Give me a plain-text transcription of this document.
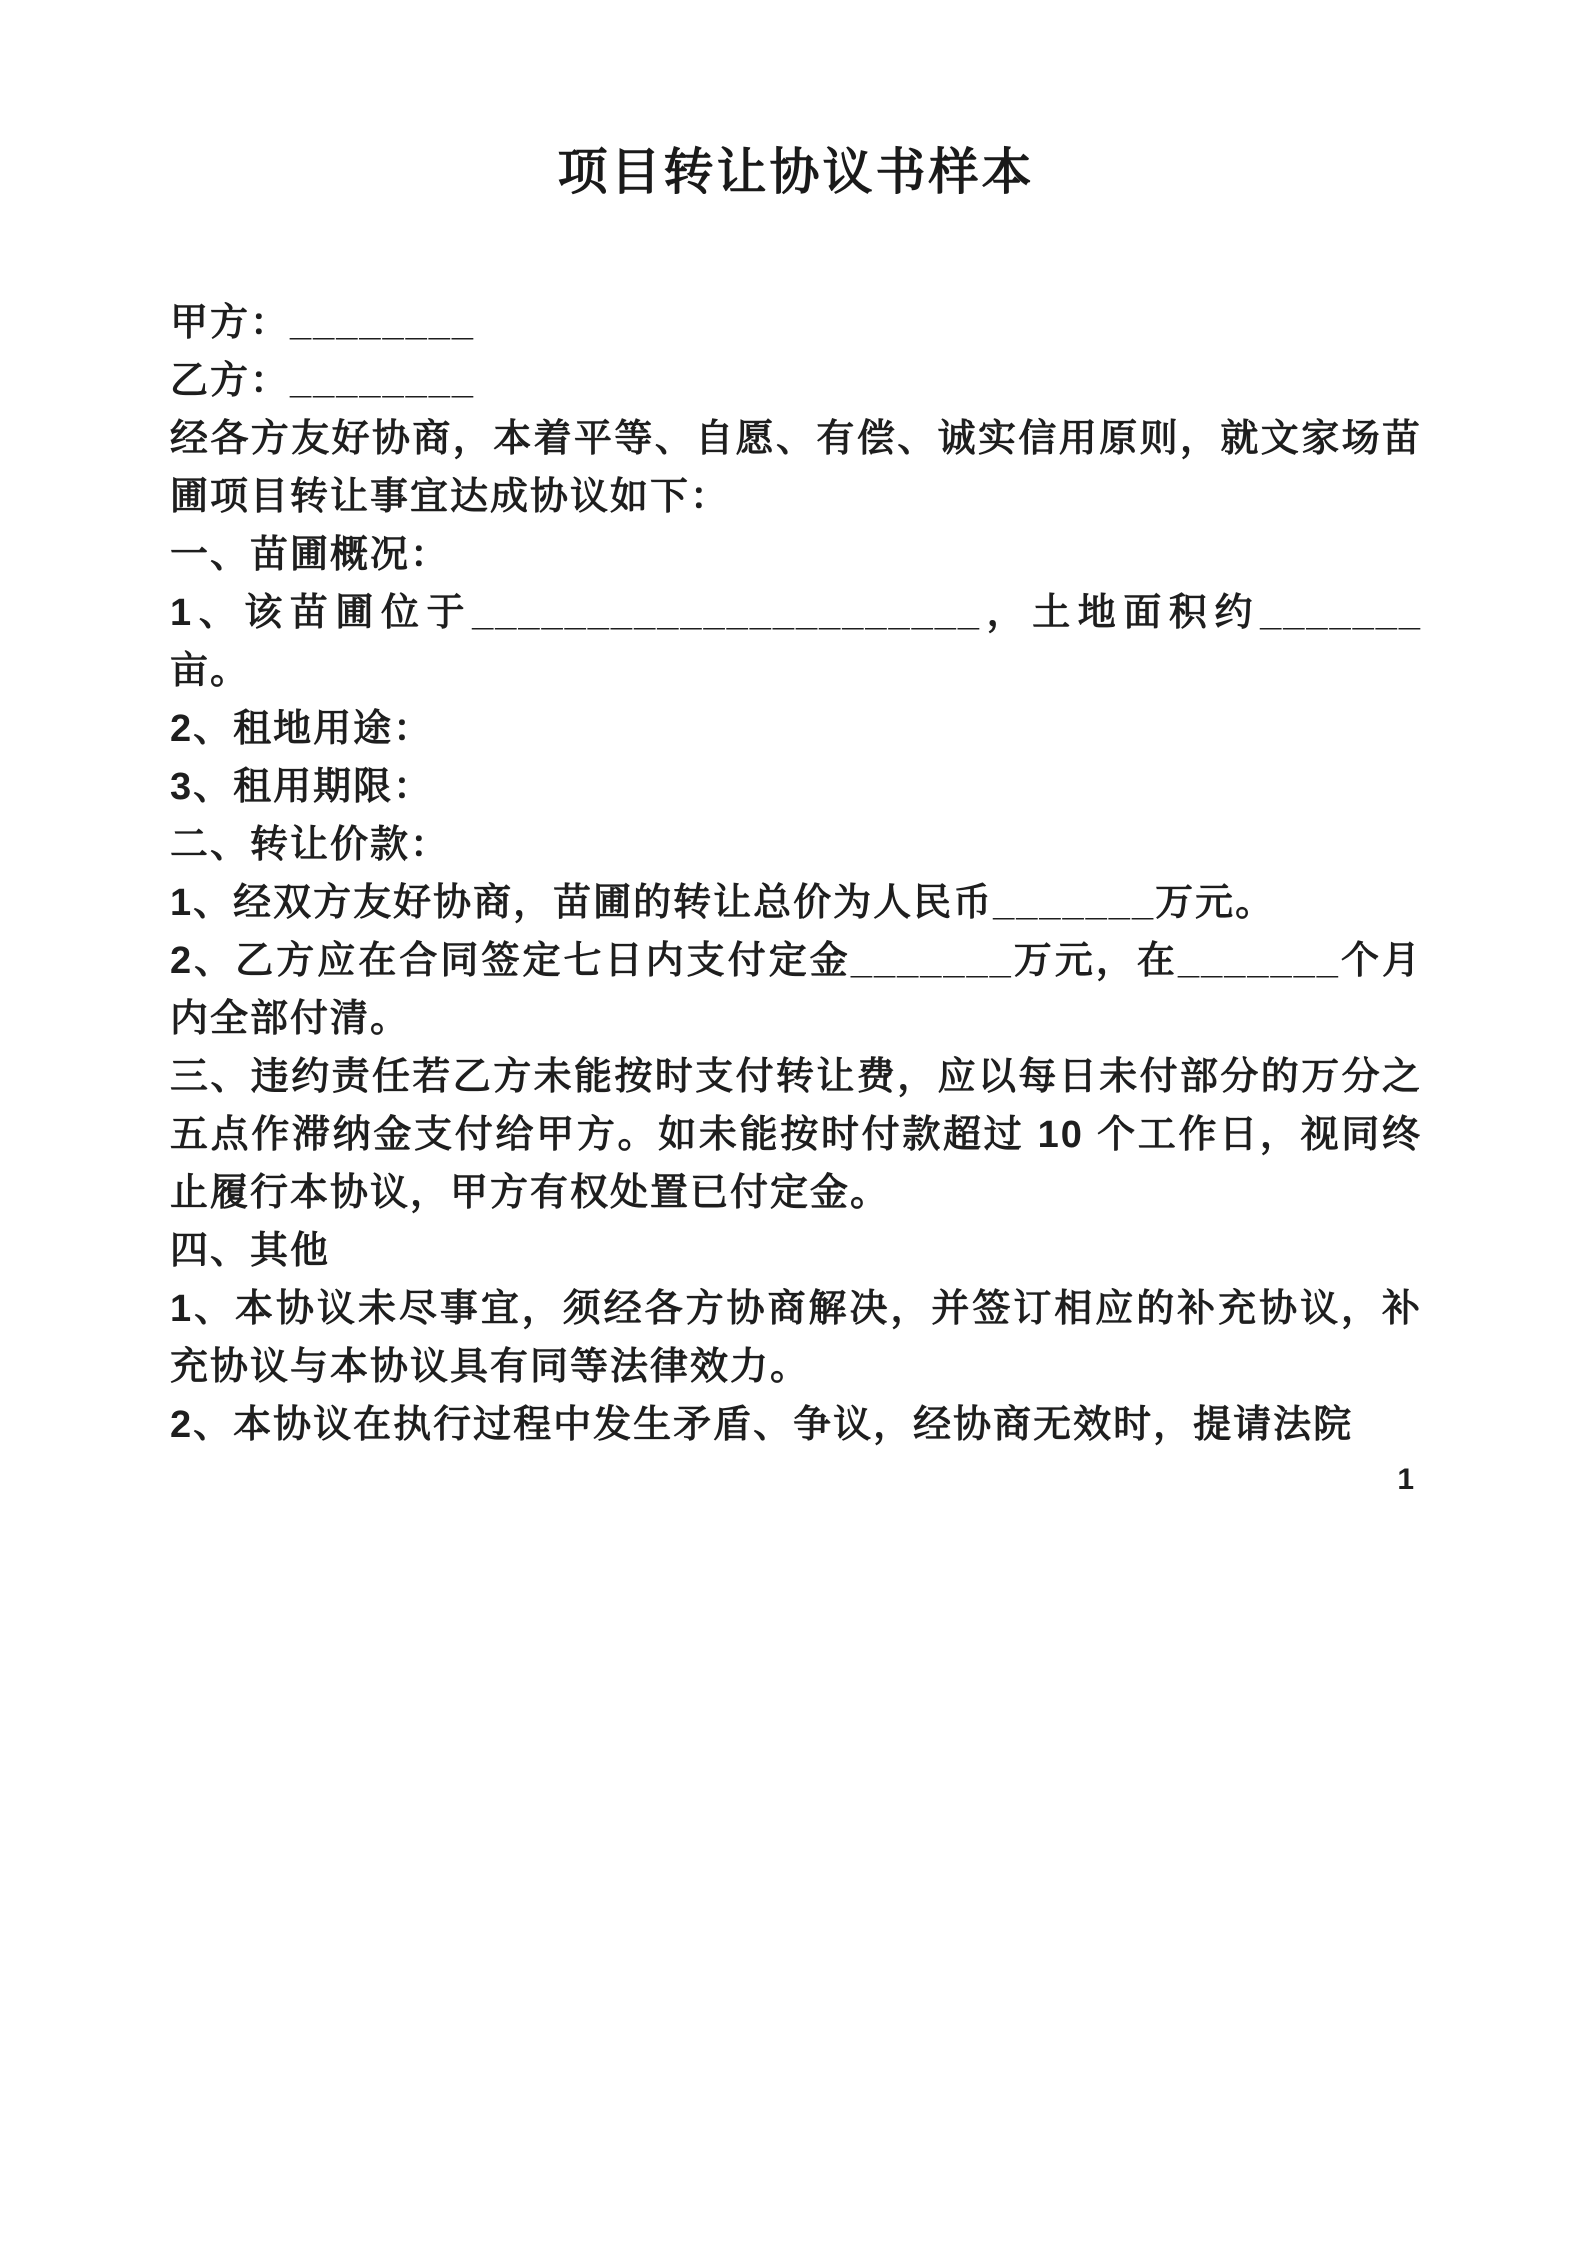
项目转让协议书样本

甲方：________

乙方：________

经各方友好协商，本着平等、自愿、有偿、诚实信用原则，就文家场苗圃项目转让事宜达成协议如下：

一、苗圃概况：

1、该苗圃位于______________________，土地面积约_______亩。

2、租地用途：

3、租用期限：

二、转让价款：

1、经双方友好协商，苗圃的转让总价为人民币_______万元。

2、乙方应在合同签定七日内支付定金_______万元，在_______个月内全部付清。

三、违约责任若乙方未能按时支付转让费，应以每日未付部分的万分之五点作滞纳金支付给甲方。如未能按时付款超过 10 个工作日，视同终止履行本协议，甲方有权处置已付定金。

四、其他

1、本协议未尽事宜，须经各方协商解决，并签订相应的补充协议，补充协议与本协议具有同等法律效力。

2、本协议在执行过程中发生矛盾、争议，经协商无效时，提请法院

1
